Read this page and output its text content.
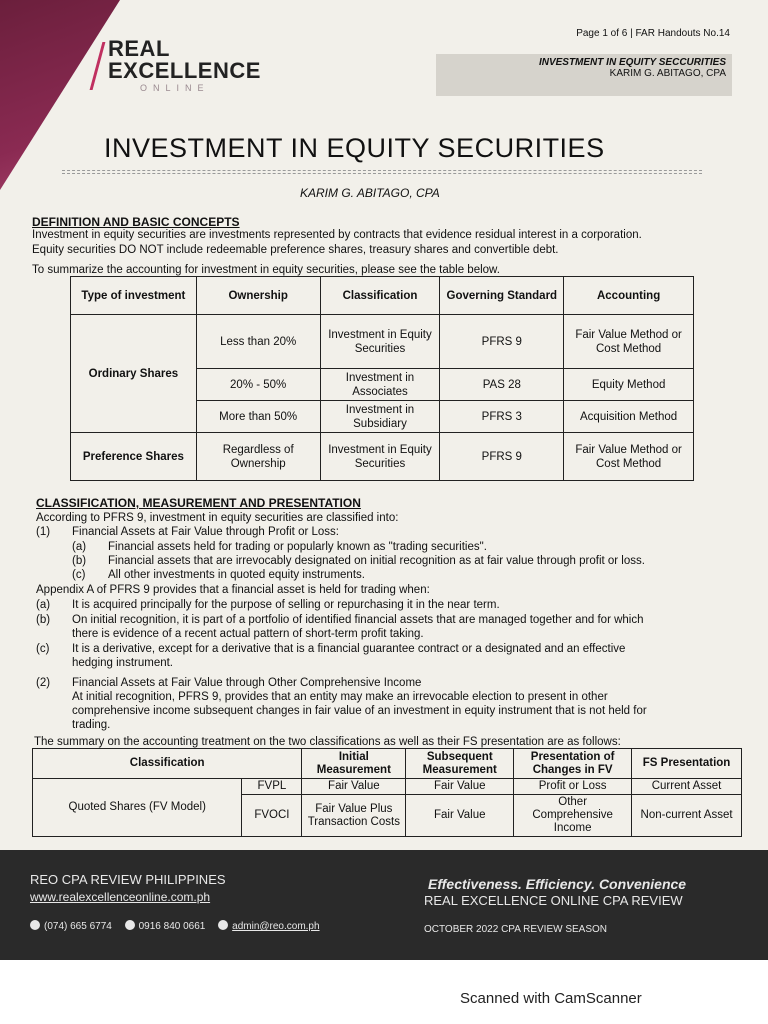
REAL
EXCELLENCE
ONLINE
Page 1 of 6 | FAR Handouts No.14
INVESTMENT IN EQUITY SECCURITIES
KARIM G. ABITAGO, CPA
INVESTMENT IN EQUITY SECURITIES
KARIM G. ABITAGO, CPA
DEFINITION AND BASIC CONCEPTS
Investment in equity securities are investments represented by contracts that evidence residual interest in a corporation.
Equity securities DO NOT include redeemable preference shares, treasury shares and convertible debt.
To summarize the accounting for investment in equity securities, please see the table below.
Type of investment	Ownership	Classification	Governing Standard	Accounting
Ordinary Shares	Less than 20%	Investment in Equity Securities	PFRS 9	Fair Value Method or Cost Method
	20% - 50%	Investment in Associates	PAS 28	Equity Method
	More than 50%	Investment in Subsidiary	PFRS 3	Acquisition Method
Preference Shares	Regardless of Ownership	Investment in Equity Securities	PFRS 9	Fair Value Method or Cost Method
CLASSIFICATION, MEASUREMENT AND PRESENTATION
According to PFRS 9, investment in equity securities are classified into:
(1) Financial Assets at Fair Value through Profit or Loss:
(a) Financial assets held for trading or popularly known as "trading securities".
(b) Financial assets that are irrevocably designated on initial recognition as at fair value through profit or loss.
(c) All other investments in quoted equity instruments.
Appendix A of PFRS 9 provides that a financial asset is held for trading when:
(a) It is acquired principally for the purpose of selling or repurchasing it in the near term.
(b) On initial recognition, it is part of a portfolio of identified financial assets that are managed together and for which
there is evidence of a recent actual pattern of short-term profit taking.
(c) It is a derivative, except for a derivative that is a financial guarantee contract or a designated and an effective
hedging instrument.
(2) Financial Assets at Fair Value through Other Comprehensive Income
At initial recognition, PFRS 9, provides that an entity may make an irrevocable election to present in other
comprehensive income subsequent changes in fair value of an investment in equity instrument that is not held for
trading.
The summary on the accounting treatment on the two classifications as well as their FS presentation are as follows:
Classification		Initial Measurement	Subsequent Measurement	Presentation of Changes in FV	FS Presentation
Quoted Shares (FV Model)	FVPL	Fair Value	Fair Value	Profit or Loss	Current Asset
	FVOCI	Fair Value Plus Transaction Costs	Fair Value	Other Comprehensive Income	Non-current Asset
REO CPA REVIEW PHILIPPINES
www.realexcellenceonline.com.ph
Effectiveness. Efficiency. Convenience
REAL EXCELLENCE ONLINE CPA REVIEW
(074) 665 6774	0916 840 0661	admin@reo.com.ph	OCTOBER 2022 CPA REVIEW SEASON
Scanned with CamScanner
